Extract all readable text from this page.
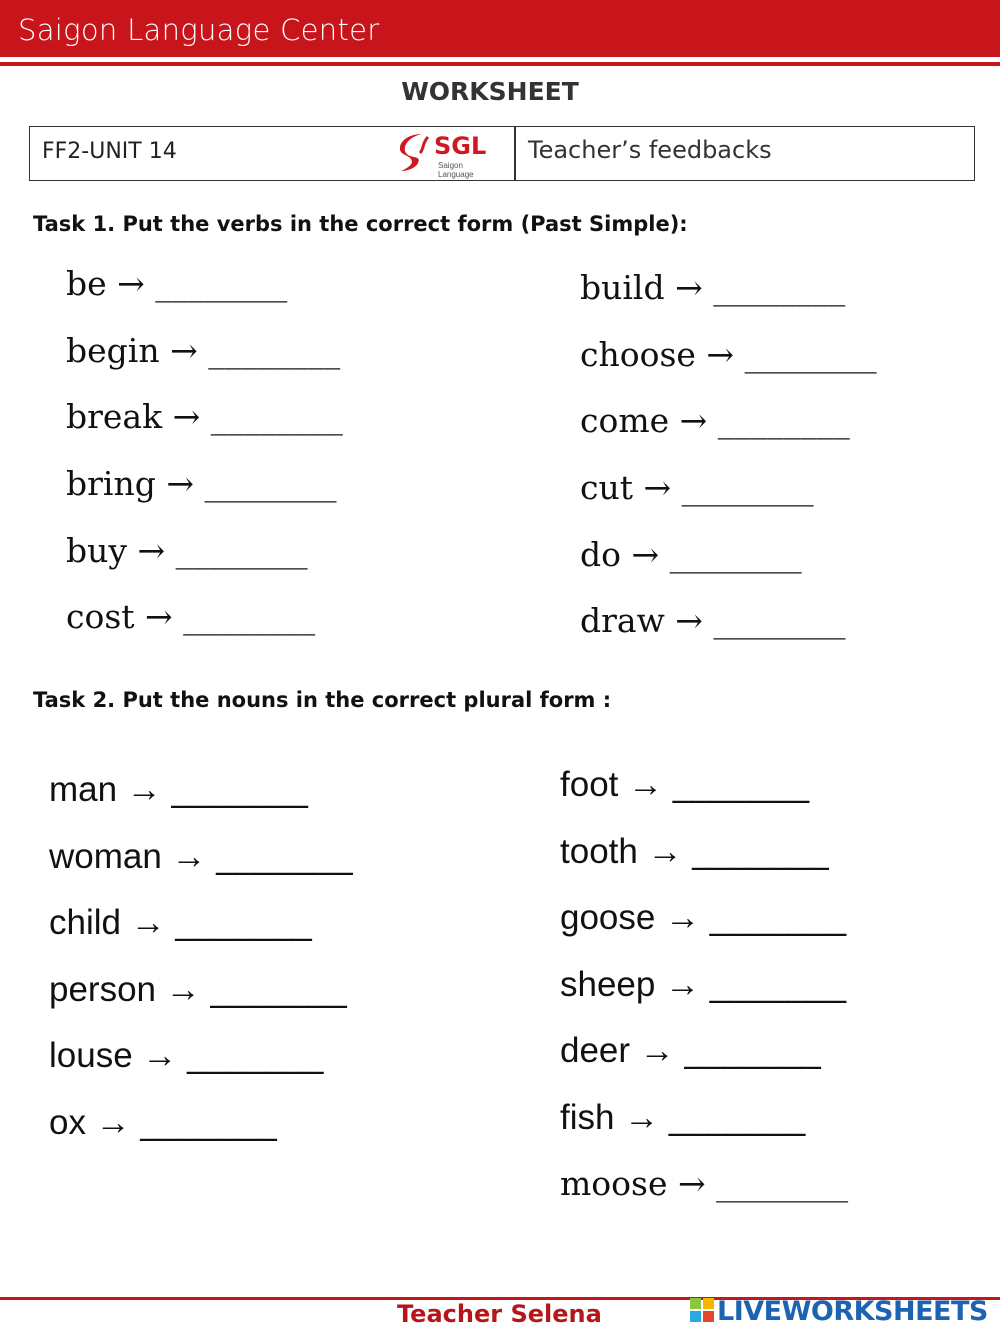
Saigon Language Center
WORKSHEET
FF2-UNIT 14	SGL
Saigon Language
Teacher’s feedbacks
Task 1. Put the verbs in the correct form (Past Simple):
be → ________
begin → ________
break → ________
bring → ________
buy → ________
cost → ________
build → ________
choose → ________
come → ________
cut → ________
do → ________
draw → ________
Task 2. Put the nouns in the correct plural form :
man → _______
woman → _______
child → _______
person → _______
louse → _______
ox → _______
foot → _______
tooth → _______
goose → _______
sheep → _______
deer → _______
fish → _______
moose → ________
Teacher Selena	LIVEWORKSHEETS
